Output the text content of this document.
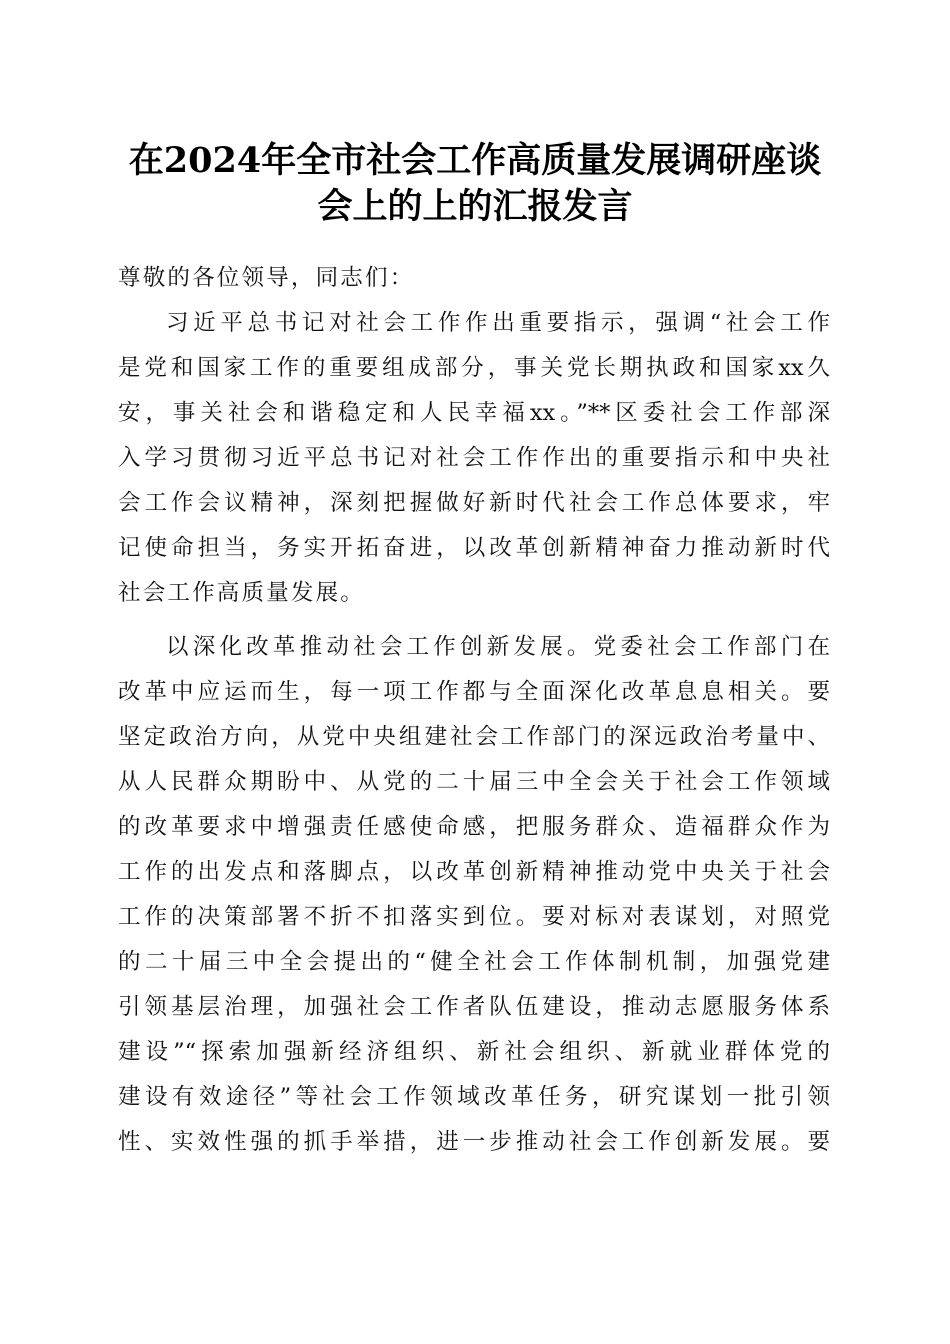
在2024年全市社会工作高质量发展调研座谈
会上的上的汇报发言
尊敬的各位领导，同志们：
习近平总书记对社会工作作出重要指示，强调“社会工作
是党和国家工作的重要组成部分，事关党长期执政和国家xx久
安，事关社会和谐稳定和人民幸福xx。”**区委社会工作部深
入学习贯彻习近平总书记对社会工作作出的重要指示和中央社
会工作会议精神，深刻把握做好新时代社会工作总体要求，牢
记使命担当，务实开拓奋进，以改革创新精神奋力推动新时代
社会工作高质量发展。
以深化改革推动社会工作创新发展。党委社会工作部门在
改革中应运而生，每一项工作都与全面深化改革息息相关。要
坚定政治方向，从党中央组建社会工作部门的深远政治考量中、
从人民群众期盼中、从党的二十届三中全会关于社会工作领域
的改革要求中增强责任感使命感，把服务群众、造福群众作为
工作的出发点和落脚点，以改革创新精神推动党中央关于社会
工作的决策部署不折不扣落实到位。要对标对表谋划，对照党
的二十届三中全会提出的“健全社会工作体制机制，加强党建
引领基层治理，加强社会工作者队伍建设，推动志愿服务体系
建设”“探索加强新经济组织、新社会组织、新就业群体党的
建设有效途径”等社会工作领域改革任务，研究谋划一批引领
性、实效性强的抓手举措，进一步推动社会工作创新发展。要
